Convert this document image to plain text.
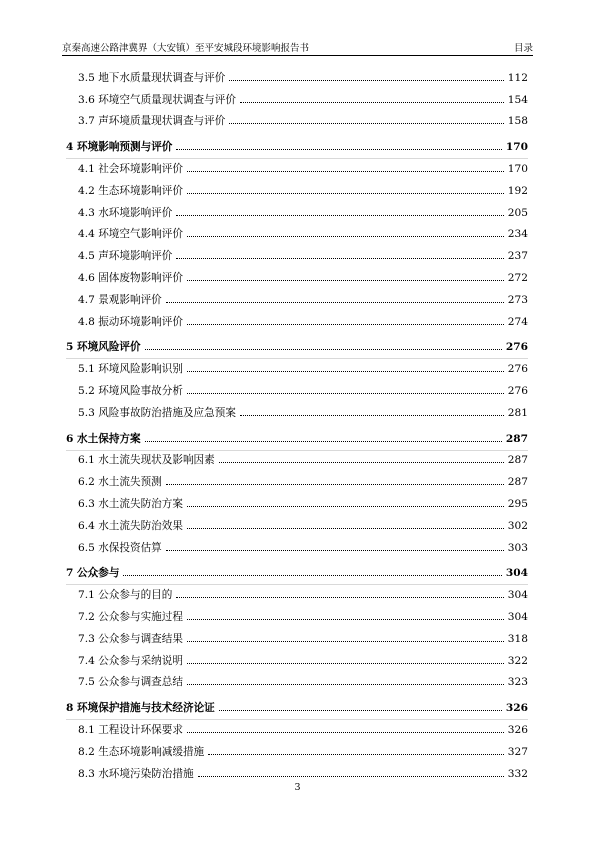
京秦高速公路津冀界（大安镇）至平安城段环境影响报告书	目录
3.5 地下水质量现状调查与评价	112
3.6 环境空气质量现状调查与评价	154
3.7 声环境质量现状调查与评价	158
4 环境影响预测与评价	170
4.1 社会环境影响评价	170
4.2 生态环境影响评价	192
4.3 水环境影响评价	205
4.4 环境空气影响评价	234
4.5 声环境影响评价	237
4.6 固体废物影响评价	272
4.7 景观影响评价	273
4.8 振动环境影响评价	274
5 环境风险评价	276
5.1 环境风险影响识别	276
5.2 环境风险事故分析	276
5.3 风险事故防治措施及应急预案	281
6 水土保持方案	287
6.1 水土流失现状及影响因素	287
6.2 水土流失预测	287
6.3 水土流失防治方案	295
6.4 水土流失防治效果	302
6.5 水保投资估算	303
7 公众参与	304
7.1 公众参与的目的	304
7.2 公众参与实施过程	304
7.3 公众参与调查结果	318
7.4 公众参与采纳说明	322
7.5 公众参与调查总结	323
8 环境保护措施与技术经济论证	326
8.1 工程设计环保要求	326
8.2 生态环境影响减缓措施	327
8.3 水环境污染防治措施	332
3
